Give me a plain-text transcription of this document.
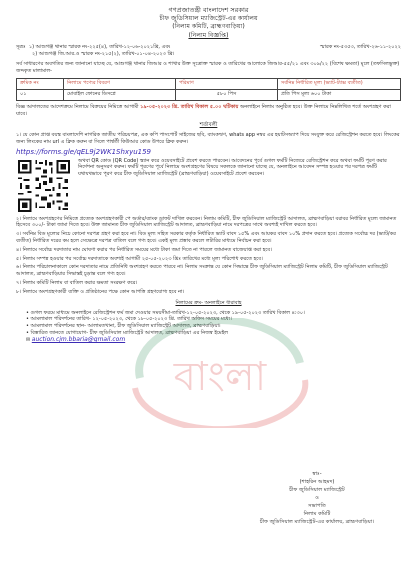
গণপ্রজাতন্ত্রী বাংলাদেশ সরকার
চীফ জুডিসিয়াল ম্যাজিস্ট্রেট-এর কার্যালয়
(নিলাম কমিটি, ব্রাহ্মণবাড়িয়া)
(নিলাম বিজ্ঞপ্তি)
সূত্রঃ ১) আশুগঞ্জ থানার স্মারক নং-২২৫(৪), তারিখ-১২-০৬-২০২১খ্রি, এবং	স্মারক নং-৫৩৫৩, তারিখ-২৬-১১-২০২২
২) আশুগঞ্জ জি.আর.ও স্মারক নং-২১৫(২), তারিখ-০১-০৪-২০২৩ খ্রি।
সর্ব সাধারণের অবগতির জন্য জানানো যাচ্ছে যে, আশুগঞ্জ থানার জিআর ও শাখার উক্ত সূত্রোক্ত স্মারক ও তারিখের আলোকে জিআর-৫৫/২১ এবং ৩০৯/২২ (বিশেষ ক্ষমতা) মূলে (তফসিলভুক্ত) জব্দকৃত মালামাল-
ক্রমিক নং	নিলামে পণ্যের বিবরণ	পরিমাণ	সর্বনিম্ন নির্ধারিত মূল্য (ভ্যাট-ট্যাক্স ব্যতীত)
০১	মোবাইল ফোনের ডিসপ্লে	৫৮০ পিস	প্রতি পিস মূল্য ৬০০ টাকা
বিজ্ঞ আদালতের আদেশক্রমে নিলামে বিক্রয়ের নিমিত্তে আগামী ১৯-০৫-২০২৩ খ্রি. তারিখ বিকাল ৫.০০ ঘটিকায় অনলাইনে নিলাম অনুষ্ঠিত হবে। উক্ত নিলামে নিম্নলিখিত শর্তে অংশগ্রহণ করা যাবে।
শর্তাবলী
১। যে কোন প্রাপ্ত বয়স্ক বাংলাদেশি নাগরিক জাতীয় পরিচয়পত্র, এক কপি পাসপোর্ট সাইজের ছবি, ব্যাংকঋণ, whats app নম্বর এর হয়াটসঅ্যাপ দিয়ে সংযুক্ত করে রেজিস্ট্রেশন করতে হবে। লিংকের জন্য লিংকের নাম url এ ক্লিক করুন বা সিলে পার্শ্বর্তী কিউআর কোড উপরে ক্লিক করুন।
https://forms.gle/qEL9j2WK1Shxyu159
অথবা QR কোড (QR Code) স্ক্যান করে ওয়েবসাইটে প্রবেশ করতে পারবেন। আবেদনের পূর্বে গুগল ফর্মটি নিজেরে রেজিস্ট্রেশন করে অথবা ফর্মটি পূরণ করার নির্দেশনা অনুসরণ করুন। ফর্মটি পূরণের পূর্বে নিলামে অংশগ্রহণের বিষয়ে সকলকে জানানো যাচ্ছে যে, অনলাইনে আবেদন সম্পন্ন হওয়ার পর দরপত্র ফর্মটি যথাযথভাবে পূরণ করে চীফ জুডিসিয়াল ম্যাজিস্ট্রেট (ব্রাহ্মণবাড়িয়া) ওয়েবসাইটে প্রবেশ করবেন।
২। নিলামে অংশগ্রহণের নিমিত্তে প্রত্যেক অংশগ্রহণকারী পে অর্ডার/ব্যাংক ড্রাফট দাখিল করবেন। নিলাম কমিটি, চীফ জুডিসিয়াল ম্যাজিস্ট্রেট আদালত, ব্রাহ্মণবাড়িয়া বরাবর নির্ধারিত মূল্যে জামানত হিসেবে ৩০০/- টাকা জামা দিতে হবে। উক্ত জামানত চীফ জুডিসিয়াল ম্যাজিস্ট্রেট আদালত, ব্রাহ্মণবাড়িয়া নামে দরপত্রের সাথে অবশ্যই দাখিল করতে হবে।
৩। সর্বনিম্ন বিড মূল্যের নিচে কোনো দরপত্র গ্রহণ করা হবে না। বিড মূল্য সহিত সরকার কর্তৃক নির্ধারিত ভ্যাট বাবদ ১৫% এবং আয়কর বাবদ ১০% প্রদান করতে হবে। প্রত্যেক সর্বোচ্চ দর (ভ্যাট/কর ব্যতীত) নির্ধারিত দরের কম হলে সেক্ষেত্রে দরপত্র বাতিল বলে গণ্য হবে। একই মূল্য প্রস্তাব করলে লটারির মাধ্যমে নির্বাচন করা হবে।
৪। নিলামে সর্বোচ্চ দরদাতার নাম ঘোষণা করার পর নির্ধারিত সময়ের মধ্যে টাকা জমা দিতে না পারলে জামানত বাজেয়াপ্ত করা হবে।
৫। নিলাম সম্পন্ন হওয়ার পর সর্বোচ্চ দরদাতাকে অবশ্যই আগামী ২৫-০৫-২০২৩ খ্রিঃ তারিখের মধ্যে মূল্য পরিশোধ করতে হবে।
৬। নিলাম পরিচালনাকালে কোন দরদাতার নামে প্রতিনিধি অংশগ্রহণ করতে পারবে না। নিলাম সংক্রান্ত যে কোন সিদ্ধান্তে চীফ জুডিসিয়াল ম্যাজিস্ট্রেট নিলাম কমিটি, চীফ জুডিসিয়াল ম্যাজিস্ট্রেট আদালত, ব্রাহ্মণবাড়িয়ার সিদ্ধান্তই চূড়ান্ত বলে গণ্য হবে।
৭। নিলাম কমিটি নিলাম বা বাতিল করার ক্ষমতা সংরক্ষণ করে।
৮। নিলামে অংশগ্রহণকারী ব্যক্তি ও প্রতিষ্ঠানের পক্ষে কোন আপত্তি গ্রহণযোগ্য হবে না।
নিলামের ক্রম- অনলাইনে ধারাবাহ
• গুগল ফরমে মাধ্যমে অনলাইনে রেজিস্ট্রেশন ফর্ম জমা দেওয়ার সময়সীমা-তারিখ-১২-০৫-২০২৩, থেকে ১৯-০৫-২০২৩ তারিখ বিকাল ৪:৩০।
• আমলামাল পরিদর্শনের তারিখ- ১২-০৫-২০২৩, থেকে ১৮-০৫-২০২৩ খ্রি. তারিখ অফিস সময়ের মধ্যে।
• আমলামাল পরিদর্শনের স্থান- আলামতখানা, চীফ জুডিসিয়াল ম্যাজিস্ট্রেট আদালত, ব্রাহ্মণবাড়িয়া।
• বিস্তারিত জানতে যোগাযোগ- চীফ জুডিসিয়াল ম্যাজিস্ট্রেট আদালত, ব্রাহ্মণবাড়িয়া এর নিজস্ব ইমেইল
✉ auction.cjm.bbaria@gmail.com
বাংলা
স্বাঃ-
(শাহরিন আহমদ)
চীফ জুডিসিয়াল ম্যাজিস্ট্রেট
ও
সভাপতি
নিলাম কমিটি
চীফ জুডিসিয়াল ম্যাজিস্ট্রেট-এর কার্যালয়, ব্রাহ্মণবাড়িয়া।
